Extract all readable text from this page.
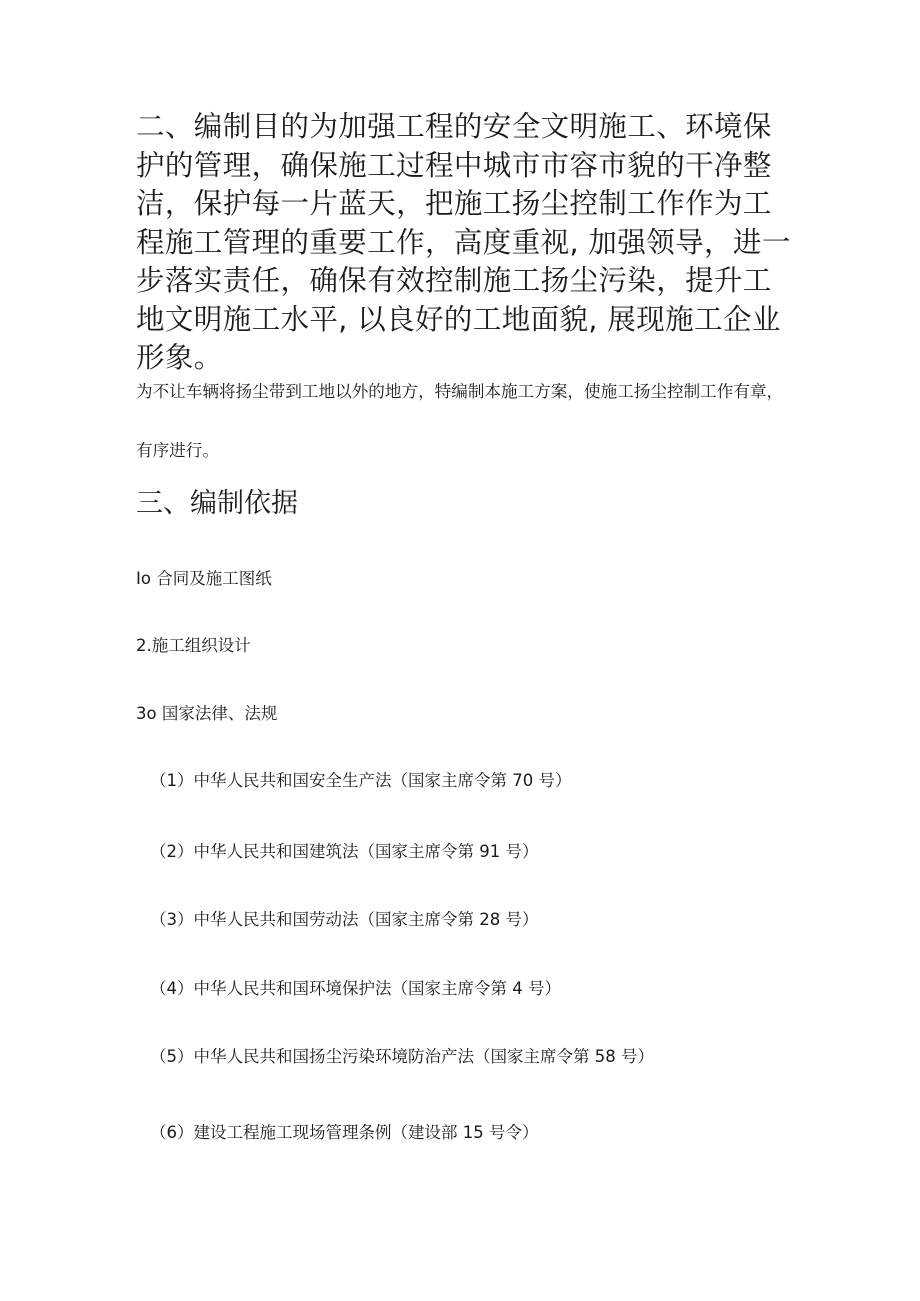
二、编制目的为加强工程的安全文明施工、环境保护的管理，确保施工过程中城市市容市貌的干净整洁，保护每一片蓝天，把施工扬尘控制工作作为工程施工管理的重要工作，高度重视, 加强领导，进一步落实责任，确保有效控制施工扬尘污染，提升工地文明施工水平, 以良好的工地面貌, 展现施工企业形象。

为不让车辆将扬尘带到工地以外的地方，特编制本施工方案，使施工扬尘控制工作有章，有序进行。

三、编制依据

Io 合同及施工图纸

2.施工组织设计

3o 国家法律、法规

（1）中华人民共和国安全生产法（国家主席令第 70 号）

（2）中华人民共和国建筑法（国家主席令第 91 号）

（3）中华人民共和国劳动法（国家主席令第 28 号）

（4）中华人民共和国环境保护法（国家主席令第 4 号）

（5）中华人民共和国扬尘污染环境防治产法（国家主席令第 58 号）

（6）建设工程施工现场管理条例（建设部 15 号令）
